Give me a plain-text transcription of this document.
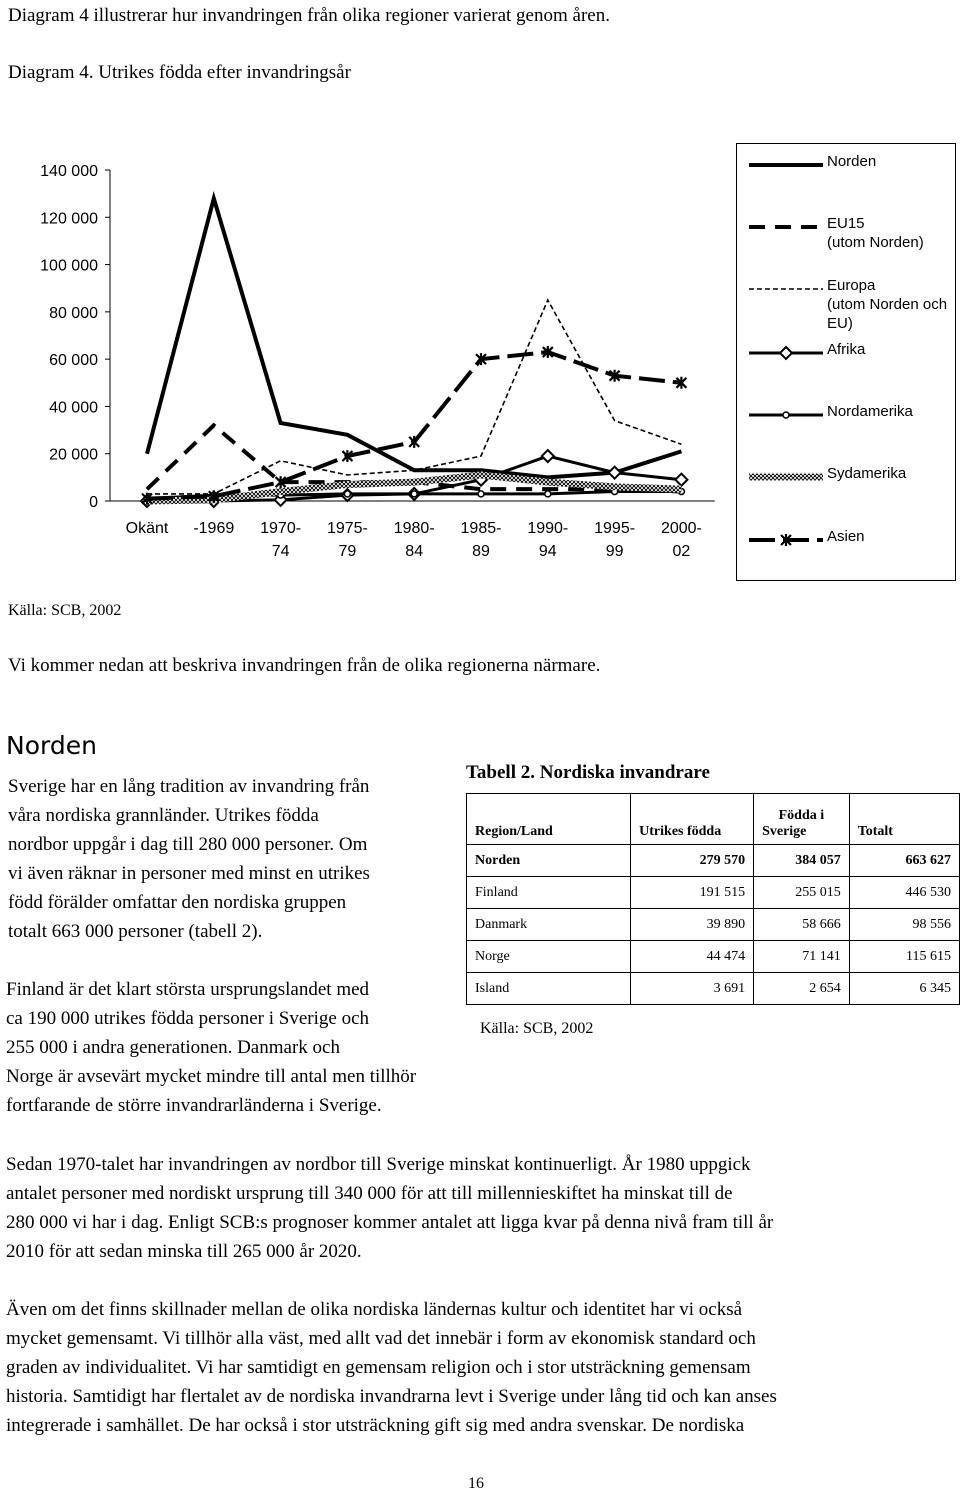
Diagram 4 illustrerar hur invandringen från olika regioner varierat genom åren.
Diagram 4. Utrikes födda efter invandringsår
0
20 000
40 000
60 000
80 000
100 000
120 000
140 000
Okänt -1969 1970-74
1975-79
1980-84
1985-89
1990-94
1995-99
2000-02
Norden
EU15
(utom Norden)
Europa
(utom Norden och EU)
Afrika
Nordamerika
Sydamerika
Asien
Källa: SCB, 2002
Vi kommer nedan att beskriva invandringen från de olika regionerna närmare.
Norden
Sverige har en lång tradition av invandring från
våra nordiska grannländer. Utrikes födda
nordbor uppgår i dag till 280 000 personer. Om
vi även räknar in personer med minst en utrikes
född förälder omfattar den nordiska gruppen
totalt 663 000 personer (tabell 2).
Tabell 2. Nordiska invandrare
Region/Land	Utrikes födda	Födda i
Sverige	Totalt
Norden	279 570	384 057	663 627
Finland	191 515	255 015	446 530
Danmark	39 890	58 666	98 556
Norge	44 474	71 141	115 615
Island	3 691	2 654	6 345
Källa: SCB, 2002
Finland är det klart största ursprungslandet med
ca 190 000 utrikes födda personer i Sverige och
255 000 i andra generationen. Danmark och
Norge är avsevärt mycket mindre till antal men tillhör
fortfarande de större invandrarländerna i Sverige.
Sedan 1970-talet har invandringen av nordbor till Sverige minskat kontinuerligt. År 1980 uppgick
antalet personer med nordiskt ursprung till 340 000 för att till millennieskiftet ha minskat till de
280 000 vi har i dag. Enligt SCB:s prognoser kommer antalet att ligga kvar på denna nivå fram till år
2010 för att sedan minska till 265 000 år 2020.
Även om det finns skillnader mellan de olika nordiska ländernas kultur och identitet har vi också
mycket gemensamt. Vi tillhör alla väst, med allt vad det innebär i form av ekonomisk standard och
graden av individualitet. Vi har samtidigt en gemensam religion och i stor utsträckning gemensam
historia. Samtidigt har flertalet av de nordiska invandrarna levt i Sverige under lång tid och kan anses
integrerade i samhället. De har också i stor utsträckning gift sig med andra svenskar. De nordiska
16
